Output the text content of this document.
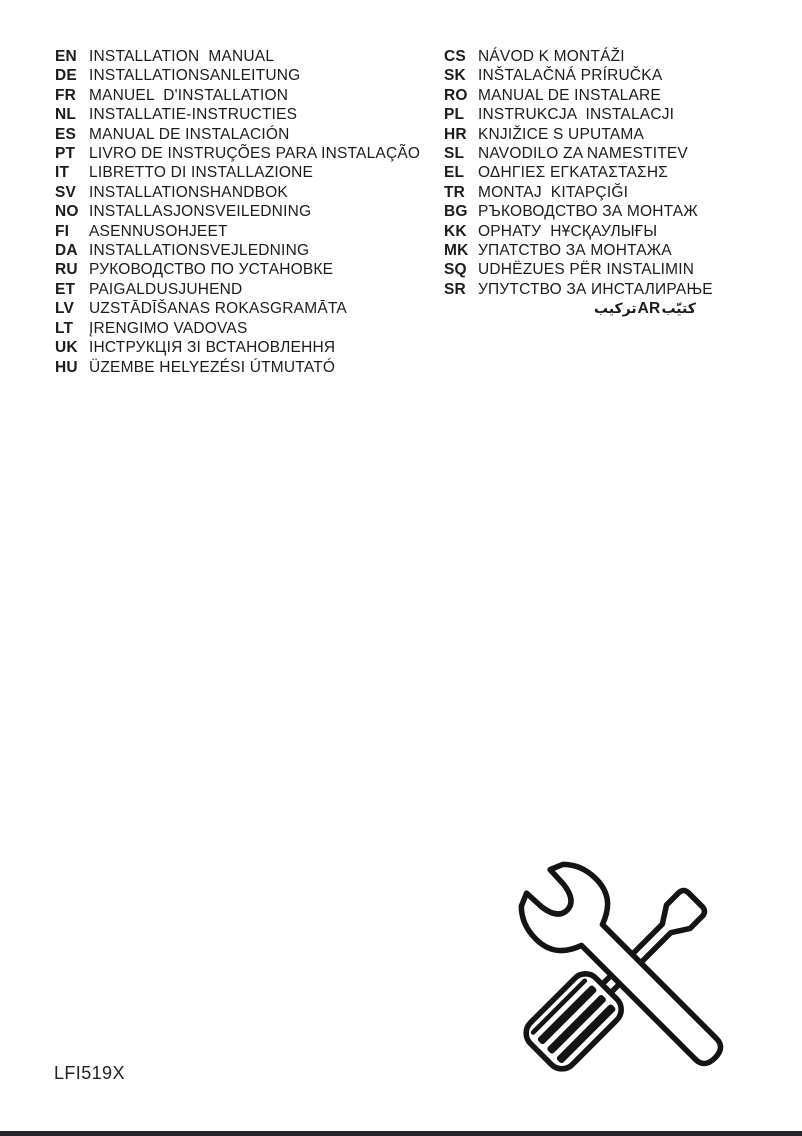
EN INSTALLATION  MANUAL
DE INSTALLATIONSANLEITUNG
FR MANUEL  D'INSTALLATION
NL INSTALLATIE-INSTRUCTIES
ES MANUAL DE INSTALACIÓN
PT LIVRO DE INSTRUÇÕES PARA INSTALAÇÃO
IT LIBRETTO DI INSTALLAZIONE
SV INSTALLATIONSHANDBOK
NO INSTALLASJONSVEILEDNING
FI ASENNUSOHJEET
DA INSTALLATIONSVEJLEDNING
RU РУКОВОДСТВО ПО УСТАНОВКЕ
ET PAIGALDUSJUHEND
LV UZSTĀDĪŠANAS ROKASGRAMĀTA
LT ĮRENGIMO VADOVAS
UK ІНСТРУКЦІЯ ЗІ ВСТАНОВЛЕННЯ
HU ÜZEMBE HELYEZÉSI ÚTMUTATÓ
CS NÁVOD K MONTÁŽI
SK INŠTALAČNÁ PRÍRUČKA
RO MANUAL DE INSTALARE
PL INSTRUKCJA  INSTALACJI
HR KNJIŽICE S UPUTAMA
SL NAVODILO ZA NAMESTITEV
EL ΟΔΗΓΙΕΣ ΕΓΚΑΤΑΣΤΑΣΗΣ
TR MONTAJ  KITAPÇIĞI
BG РЪКОВОДСТВО ЗА МОНТАЖ
KK ОРНАТУ  НҰСҚАУЛЫҒЫ
MK УПАТСТВО ЗА МОНТАЖА
SQ UDHËZUES PËR INSTALIMIN
SR УПУТСТВО ЗА ИНСТАЛИРАЊЕ
كتيّبARتركيب
LFI519X
